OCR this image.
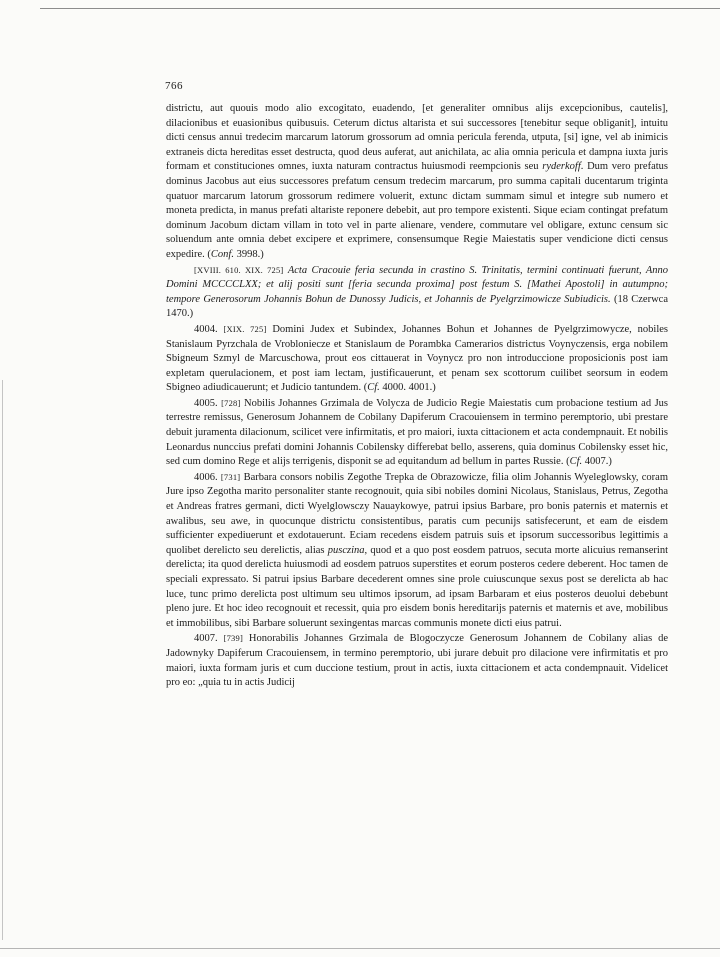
766

districtu, aut quouis modo alio excogitato, euadendo, [et generaliter omnibus alijs excepcionibus, cautelis], dilacionibus et euasionibus quibusuis. Ceterum dictus altarista et sui successores [tenebitur seque obliganit], intuitu dicti census annui tredecim marcarum latorum grossorum ad omnia pericula ferenda, utputa, [si] igne, vel ab inimicis extraneis dicta hereditas esset destructa, quod deus auferat, aut anichilata, ac alia omnia pericula et dampna iuxta juris formam et constituciones omnes, iuxta naturam contractus huiusmodi reempcionis seu ryderkoff. Dum vero prefatus dominus Jacobus aut eius successores prefatum censum tredecim marcarum, pro summa capitali ducentarum triginta quatuor marcarum latorum grossorum redimere voluerit, extunc dictam summam simul et integre sub numero et moneta predicta, in manus prefati altariste reponere debebit, aut pro tempore existenti. Sique eciam contingat prefatum dominum Jacobum dictam villam in toto vel in parte alienare, vendere, commutare vel obligare, extunc censum sic soluendum ante omnia debet excipere et exprimere, consensumque Regie Maiestatis super vendicione dicti census expedire. (Conf. 3998.)

[XVIII. 610. XIX. 725] Acta Cracouie feria secunda in crastino S. Trinitatis, termini continuati fuerunt, Anno Domini MCCCCLXX; et alij positi sunt [feria secunda proxima] post festum S. [Mathei Apostoli] in autumpno; tempore Generosorum Johannis Bohun de Dunossy Judicis, et Johannis de Pyelgrzimowicze Subiudicis. (18 Czerwca 1470.)

4004. [XIX. 725] Domini Judex et Subindex, Johannes Bohun et Johannes de Pyelgrzimowycze, nobiles Stanislaum Pyrzchala de Vrobloniecze et Stanislaum de Porambka Camerarios districtus Voynyczensis, erga nobilem Sbigneum Szmyl de Marcuschowa, prout eos cittauerat in Voynycz pro non introduccione proposicionis post iam expletam querulacionem, et post iam lectam, justificauerunt, et penam sex scottorum cuilibet seorsum in eodem Sbigneo adiudicauerunt; et Judicio tantundem. (Cf. 4000. 4001.)

4005. [728] Nobilis Johannes Grzimala de Volycza de Judicio Regie Maiestatis cum probacione testium ad Jus terrestre remissus, Generosum Johannem de Cobilany Dapiferum Cracouiensem in termino peremptorio, ubi prestare debuit juramenta dilacionum, scilicet vere infirmitatis, et pro maiori, iuxta cittacionem et acta condempnauit. Et nobilis Leonardus nunccius prefati domini Johannis Cobilensky differebat bello, asserens, quia dominus Cobilensky esset hic, sed cum domino Rege et alijs terrigenis, disponit se ad equitandum ad bellum in partes Russie. (Cf. 4007.)

4006. [731] Barbara consors nobilis Zegothe Trepka de Obrazowicze, filia olim Johannis Wyeleglowsky, coram Jure ipso Zegotha marito personaliter stante recognouit, quia sibi nobiles domini Nicolaus, Stanislaus, Petrus, Zegotha et Andreas fratres germani, dicti Wyelglowsczy Nauaykowye, patrui ipsius Barbare, pro bonis paternis et maternis et awalibus, seu awe, in quocunque districtu consistentibus, paratis cum pecunijs satisfecerunt, et eam de eisdem sufficienter expediuerunt et exdotauerunt. Eciam recedens eisdem patruis suis et ipsorum successoribus legittimis a quolibet derelicto seu derelictis, alias pusczina, quod et a quo post eosdem patruos, secuta morte alicuius remanserint derelicta; ita quod derelicta huiusmodi ad eosdem patruos superstites et eorum posteros cedere deberent. Hoc tamen de speciali expressato. Si patrui ipsius Barbare decederent omnes sine prole cuiuscunque sexus post se derelicta ab hac luce, tunc primo derelicta post ultimum seu ultimos ipsorum, ad ipsam Barbaram et eius posteros deuolui debebunt pleno jure. Et hoc ideo recognouit et recessit, quia pro eisdem bonis hereditarijs paternis et maternis et ave, mobilibus et immobilibus, sibi Barbare soluerunt sexingentas marcas communis monete dicti eius patrui.

4007. [739] Honorabilis Johannes Grzimala de Blogoczycze Generosum Johannem de Cobilany alias de Jadownyky Dapiferum Cracouiensem, in termino peremptorio, ubi jurare debuit pro dilacione vere infirmitatis et pro maiori, iuxta formam juris et cum duccione testium, prout in actis, iuxta cittacionem et acta condempnauit. Videlicet pro eo: „quia tu in actis Judicij
